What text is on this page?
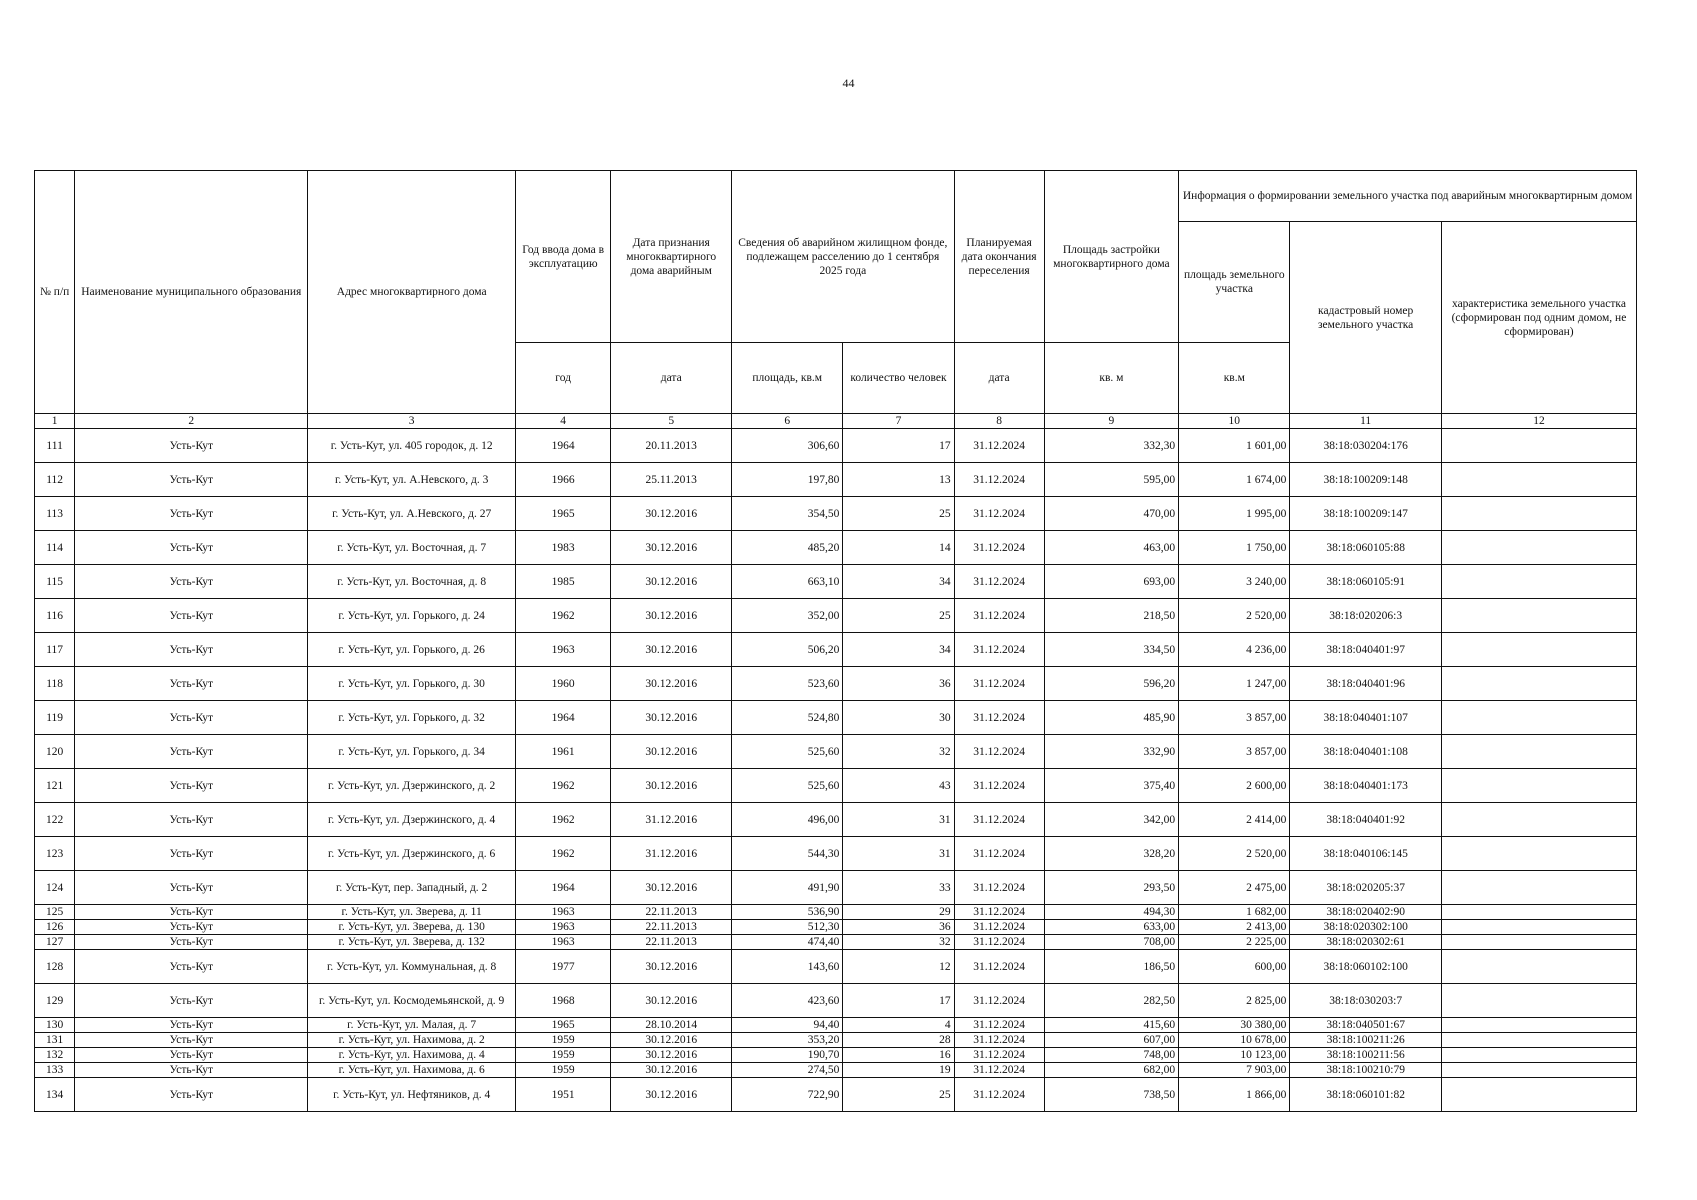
44
№ п/п	Наименование муниципального образования	Адрес многоквартирного дома	Год ввода дома в эксплуатацию	Дата признания многоквартирного дома аварийным	Сведения об аварийном жилищном фонде, подлежащем расселению до 1 сентября 2025 года		Планируемая дата окончания переселения	Площадь застройки многоквартирного дома	Информация о формировании земельного участка под аварийным многоквартирным домом		
									площадь земельного участка	кадастровый номер земельного участка	характеристика земельного участка (сформирован под одним домом, не сформирован)
			год	дата	площадь, кв.м	количество человек	дата	кв. м	кв.м		
1	2	3	4	5	6	7	8	9	10	11	12
111	Усть-Кут	г. Усть-Кут, ул. 405 городок, д. 12	1964	20.11.2013	306,60	17	31.12.2024	332,30	1 601,00	38:18:030204:176	
112	Усть-Кут	г. Усть-Кут, ул. А.Невского, д. 3	1966	25.11.2013	197,80	13	31.12.2024	595,00	1 674,00	38:18:100209:148	
113	Усть-Кут	г. Усть-Кут, ул. А.Невского, д. 27	1965	30.12.2016	354,50	25	31.12.2024	470,00	1 995,00	38:18:100209:147	
114	Усть-Кут	г. Усть-Кут, ул. Восточная, д. 7	1983	30.12.2016	485,20	14	31.12.2024	463,00	1 750,00	38:18:060105:88	
115	Усть-Кут	г. Усть-Кут, ул. Восточная, д. 8	1985	30.12.2016	663,10	34	31.12.2024	693,00	3 240,00	38:18:060105:91	
116	Усть-Кут	г. Усть-Кут, ул. Горького, д. 24	1962	30.12.2016	352,00	25	31.12.2024	218,50	2 520,00	38:18:020206:3	
117	Усть-Кут	г. Усть-Кут, ул. Горького, д. 26	1963	30.12.2016	506,20	34	31.12.2024	334,50	4 236,00	38:18:040401:97	
118	Усть-Кут	г. Усть-Кут, ул. Горького, д. 30	1960	30.12.2016	523,60	36	31.12.2024	596,20	1 247,00	38:18:040401:96	
119	Усть-Кут	г. Усть-Кут, ул. Горького, д. 32	1964	30.12.2016	524,80	30	31.12.2024	485,90	3 857,00	38:18:040401:107	
120	Усть-Кут	г. Усть-Кут, ул. Горького, д. 34	1961	30.12.2016	525,60	32	31.12.2024	332,90	3 857,00	38:18:040401:108	
121	Усть-Кут	г. Усть-Кут, ул. Дзержинского, д. 2	1962	30.12.2016	525,60	43	31.12.2024	375,40	2 600,00	38:18:040401:173	
122	Усть-Кут	г. Усть-Кут, ул. Дзержинского, д. 4	1962	31.12.2016	496,00	31	31.12.2024	342,00	2 414,00	38:18:040401:92	
123	Усть-Кут	г. Усть-Кут, ул. Дзержинского, д. 6	1962	31.12.2016	544,30	31	31.12.2024	328,20	2 520,00	38:18:040106:145	
124	Усть-Кут	г. Усть-Кут, пер. Западный, д. 2	1964	30.12.2016	491,90	33	31.12.2024	293,50	2 475,00	38:18:020205:37	
125	Усть-Кут	г. Усть-Кут, ул. Зверева, д. 11	1963	22.11.2013	536,90	29	31.12.2024	494,30	1 682,00	38:18:020402:90	
126	Усть-Кут	г. Усть-Кут, ул. Зверева, д. 130	1963	22.11.2013	512,30	36	31.12.2024	633,00	2 413,00	38:18:020302:100	
127	Усть-Кут	г. Усть-Кут, ул. Зверева, д. 132	1963	22.11.2013	474,40	32	31.12.2024	708,00	2 225,00	38:18:020302:61	
128	Усть-Кут	г. Усть-Кут, ул. Коммунальная, д. 8	1977	30.12.2016	143,60	12	31.12.2024	186,50	600,00	38:18:060102:100	
129	Усть-Кут	г. Усть-Кут, ул. Космодемьянской, д. 9	1968	30.12.2016	423,60	17	31.12.2024	282,50	2 825,00	38:18:030203:7	
130	Усть-Кут	г. Усть-Кут, ул. Малая, д. 7	1965	28.10.2014	94,40	4	31.12.2024	415,60	30 380,00	38:18:040501:67	
131	Усть-Кут	г. Усть-Кут, ул. Нахимова, д. 2	1959	30.12.2016	353,20	28	31.12.2024	607,00	10 678,00	38:18:100211:26	
132	Усть-Кут	г. Усть-Кут, ул. Нахимова, д. 4	1959	30.12.2016	190,70	16	31.12.2024	748,00	10 123,00	38:18:100211:56	
133	Усть-Кут	г. Усть-Кут, ул. Нахимова, д. 6	1959	30.12.2016	274,50	19	31.12.2024	682,00	7 903,00	38:18:100210:79	
134	Усть-Кут	г. Усть-Кут, ул. Нефтяников, д. 4	1951	30.12.2016	722,90	25	31.12.2024	738,50	1 866,00	38:18:060101:82	
